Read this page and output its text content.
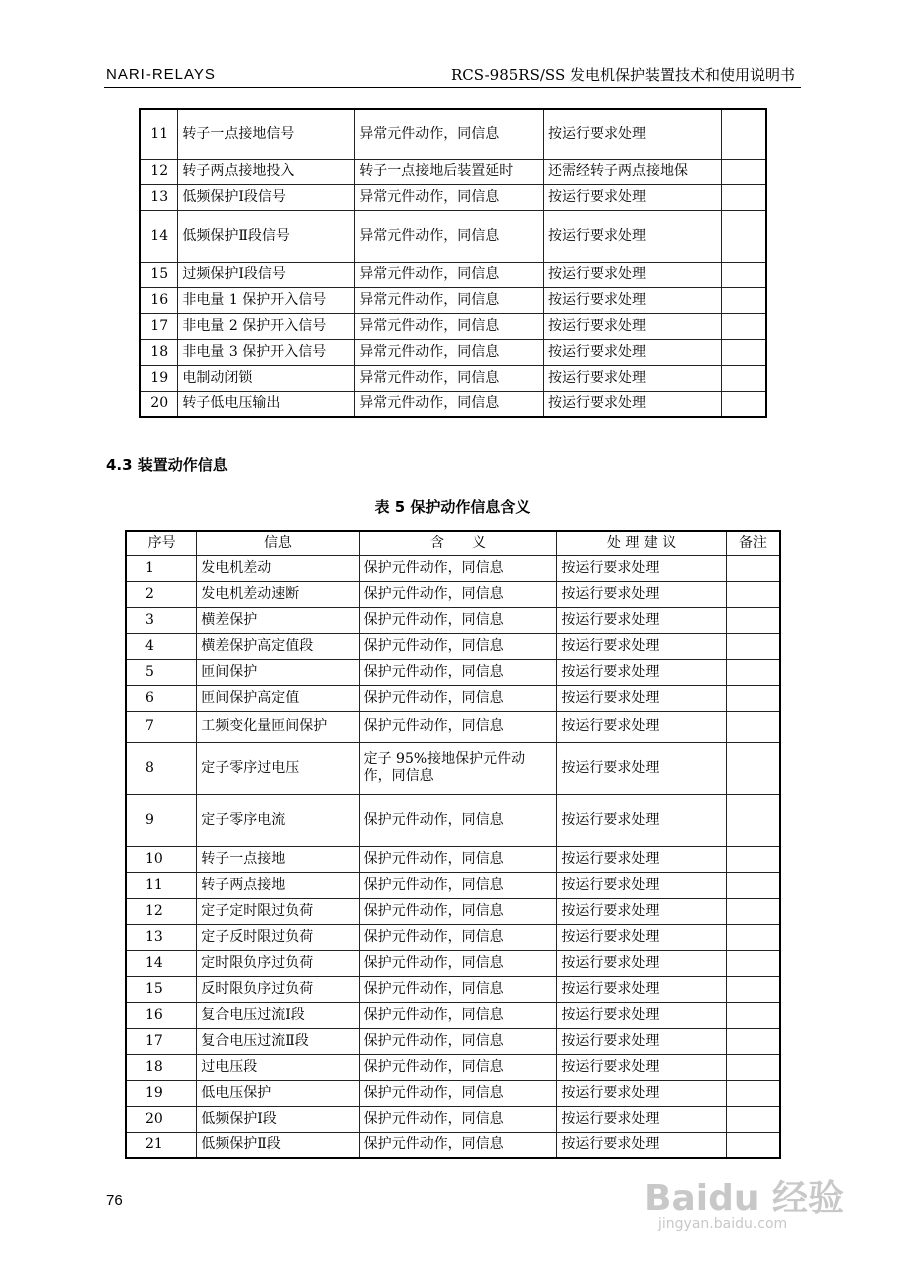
NARI-RELAYS	RCS-985RS/SS 发电机保护装置技术和使用说明书
11	转子一点接地信号	异常元件动作，同信息	按运行要求处理	
12	转子两点接地投入	转子一点接地后装置延时	还需经转子两点接地保	
13	低频保护Ⅰ段信号	异常元件动作，同信息	按运行要求处理	
14	低频保护Ⅱ段信号	异常元件动作，同信息	按运行要求处理	
15	过频保护Ⅰ段信号	异常元件动作，同信息	按运行要求处理	
16	非电量 1 保护开入信号	异常元件动作，同信息	按运行要求处理	
17	非电量 2 保护开入信号	异常元件动作，同信息	按运行要求处理	
18	非电量 3 保护开入信号	异常元件动作，同信息	按运行要求处理	
19	电制动闭锁	异常元件动作，同信息	按运行要求处理	
20	转子低电压输出	异常元件动作，同信息	按运行要求处理	
4.3 装置动作信息
表 5 保护动作信息含义
序号	信息	含　　义	处 理 建 议	备注
1	发电机差动	保护元件动作，同信息	按运行要求处理	
2	发电机差动速断	保护元件动作，同信息	按运行要求处理	
3	横差保护	保护元件动作，同信息	按运行要求处理	
4	横差保护高定值段	保护元件动作，同信息	按运行要求处理	
5	匝间保护	保护元件动作，同信息	按运行要求处理	
6	匝间保护高定值	保护元件动作，同信息	按运行要求处理	
7	工频变化量匝间保护	保护元件动作，同信息	按运行要求处理	
8	定子零序过电压	定子 95%接地保护元件动作，同信息	按运行要求处理	
9	定子零序电流	保护元件动作，同信息	按运行要求处理	
10	转子一点接地	保护元件动作，同信息	按运行要求处理	
11	转子两点接地	保护元件动作，同信息	按运行要求处理	
12	定子定时限过负荷	保护元件动作，同信息	按运行要求处理	
13	定子反时限过负荷	保护元件动作，同信息	按运行要求处理	
14	定时限负序过负荷	保护元件动作，同信息	按运行要求处理	
15	反时限负序过负荷	保护元件动作，同信息	按运行要求处理	
16	复合电压过流Ⅰ段	保护元件动作，同信息	按运行要求处理	
17	复合电压过流Ⅱ段	保护元件动作，同信息	按运行要求处理	
18	过电压段	保护元件动作，同信息	按运行要求处理	
19	低电压保护	保护元件动作，同信息	按运行要求处理	
20	低频保护Ⅰ段	保护元件动作，同信息	按运行要求处理	
21	低频保护Ⅱ段	保护元件动作，同信息	按运行要求处理	
76	Baidu 经验
jingyan.baidu.com
